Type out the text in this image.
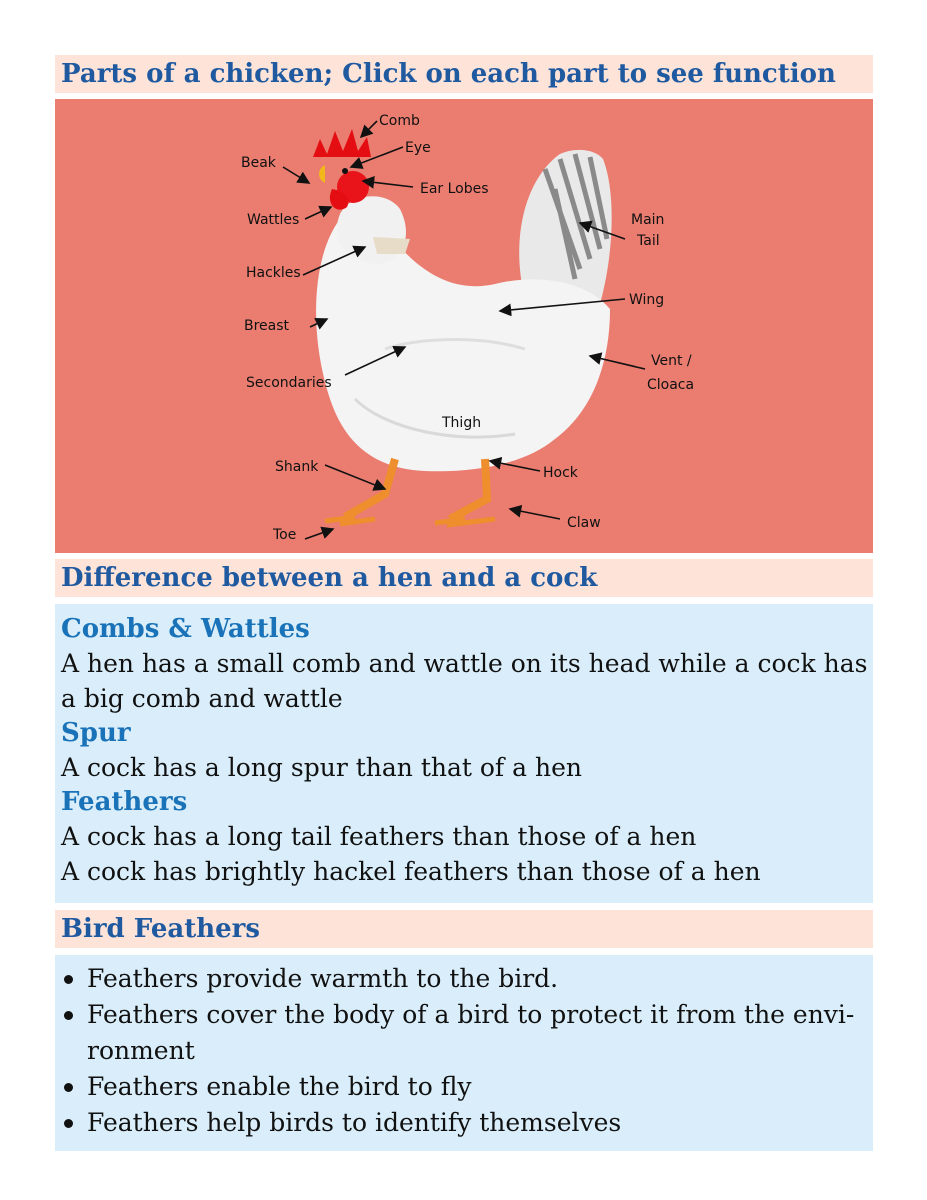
Parts of a chicken; Click on each part to see function
Comb
Eye
Beak
Ear Lobes
Wattles	Main
Tail
Hackles
Wing
Breast
Vent /
Cloaca
Secondaries
Thigh
Shank	Hock
Claw
Toe
Difference between a hen and a cock
Combs & Wattles
A hen has a small comb and wattle on its head while a cock has
a big comb and wattle
Spur
A cock has a long spur than that of a hen
Feathers
A cock has a long tail feathers than those of a hen
A cock has brightly hackel feathers than those of a hen
Bird Feathers
Feathers provide warmth to the bird.
Feathers cover the body of a bird to protect it from the envi-
ronment
Feathers enable the bird to fly
Feathers help birds to identify themselves
